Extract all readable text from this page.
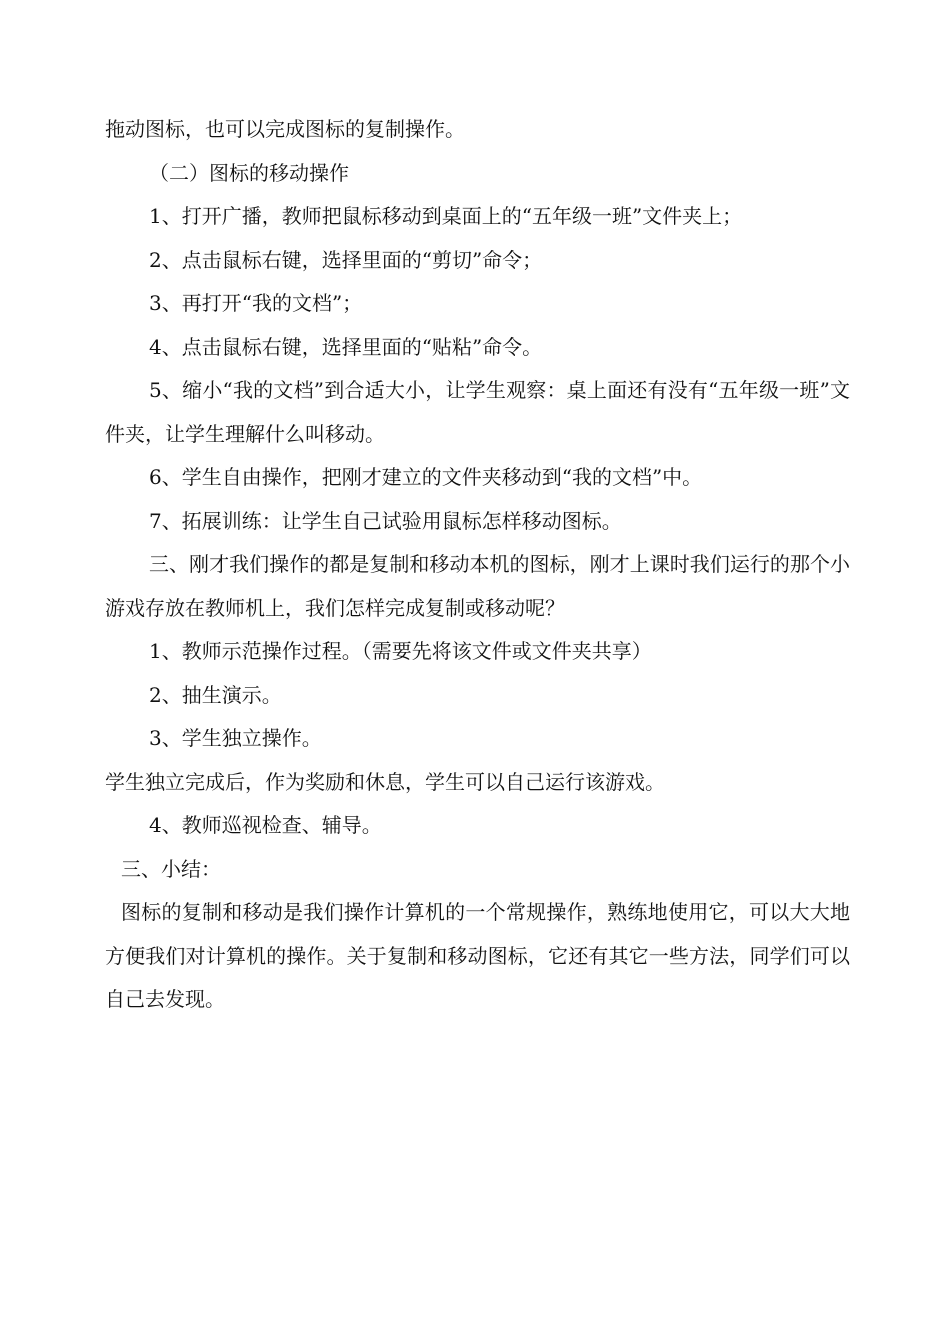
拖动图标，也可以完成图标的复制操作。

（二）图标的移动操作

1、打开广播，教师把鼠标移动到桌面上的“五年级一班”文件夹上；

2、点击鼠标右键，选择里面的“剪切”命令；

3、再打开“我的文档”；

4、点击鼠标右键，选择里面的“贴粘”命令。

5、缩小“我的文档”到合适大小，让学生观察：桌上面还有没有“五年级一班”文件夹，让学生理解什么叫移动。

6、学生自由操作，把刚才建立的文件夹移动到“我的文档”中。

7、拓展训练：让学生自己试验用鼠标怎样移动图标。

三、刚才我们操作的都是复制和移动本机的图标，刚才上课时我们运行的那个小游戏存放在教师机上，我们怎样完成复制或移动呢？

1、教师示范操作过程。（需要先将该文件或文件夹共享）

2、抽生演示。

3、学生独立操作。

学生独立完成后，作为奖励和休息，学生可以自己运行该游戏。

4、教师巡视检查、辅导。

三、小结：

图标的复制和移动是我们操作计算机的一个常规操作，熟练地使用它，可以大大地方便我们对计算机的操作。关于复制和移动图标，它还有其它一些方法，同学们可以自己去发现。
